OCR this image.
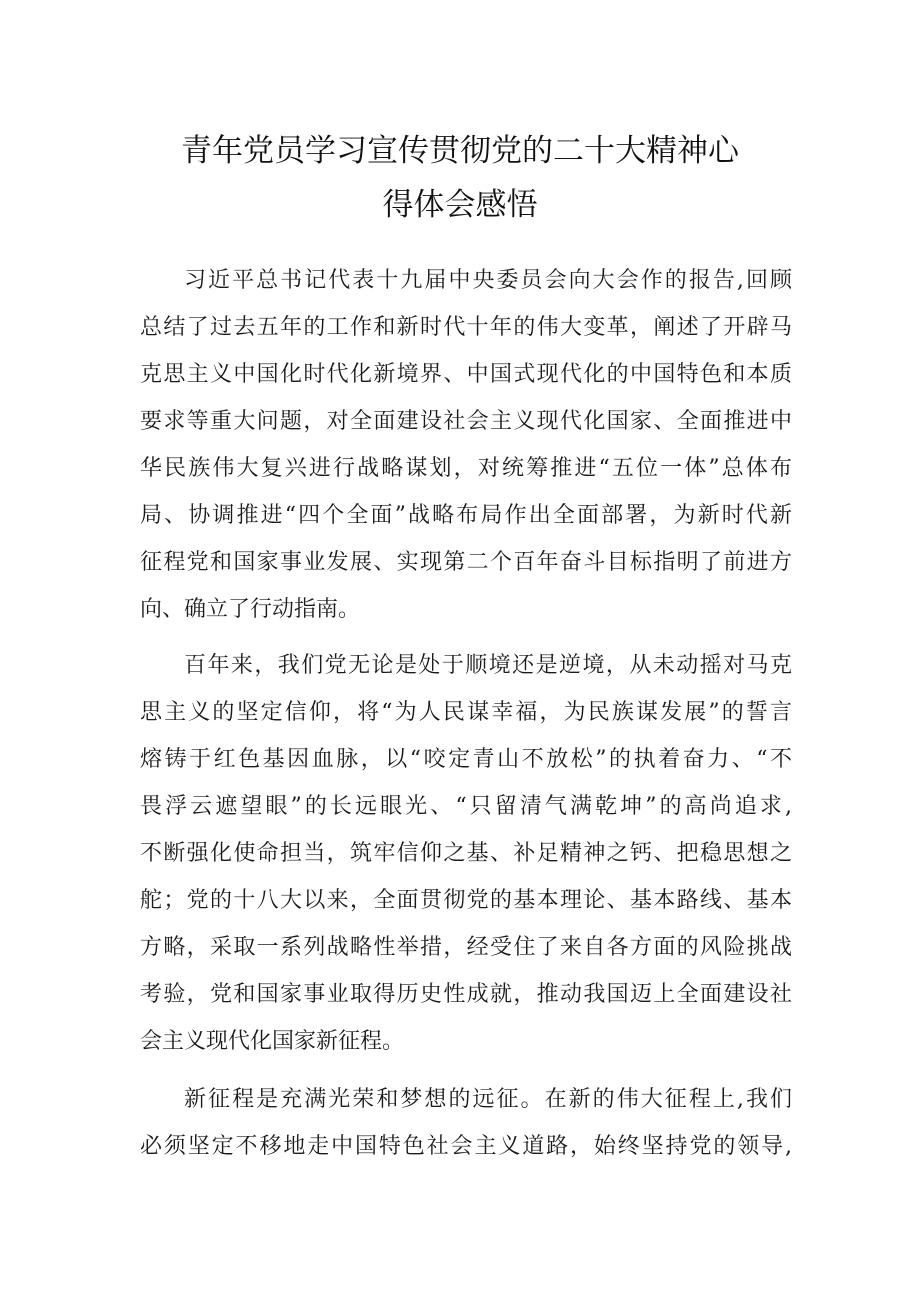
青年党员学习宣传贯彻党的二十大精神心
得体会感悟
习近平总书记代表十九届中央委员会向大会作的报告,回顾
总结了过去五年的工作和新时代十年的伟大变革，阐述了开辟马
克思主义中国化时代化新境界、中国式现代化的中国特色和本质
要求等重大问题，对全面建设社会主义现代化国家、全面推进中
华民族伟大复兴进行战略谋划，对统筹推进“五位一体”总体布
局、协调推进“四个全面”战略布局作出全面部署，为新时代新
征程党和国家事业发展、实现第二个百年奋斗目标指明了前进方
向、确立了行动指南。
百年来，我们党无论是处于顺境还是逆境，从未动摇对马克
思主义的坚定信仰，将“为人民谋幸福，为民族谋发展”的誓言
熔铸于红色基因血脉，以“咬定青山不放松”的执着奋力、“不
畏浮云遮望眼”的长远眼光、“只留清气满乾坤”的高尚追求,
不断强化使命担当，筑牢信仰之基、补足精神之钙、把稳思想之
舵；党的十八大以来，全面贯彻党的基本理论、基本路线、基本
方略，采取一系列战略性举措，经受住了来自各方面的风险挑战
考验，党和国家事业取得历史性成就，推动我国迈上全面建设社
会主义现代化国家新征程。
新征程是充满光荣和梦想的远征。在新的伟大征程上,我们
必须坚定不移地走中国特色社会主义道路，始终坚持党的领导,
